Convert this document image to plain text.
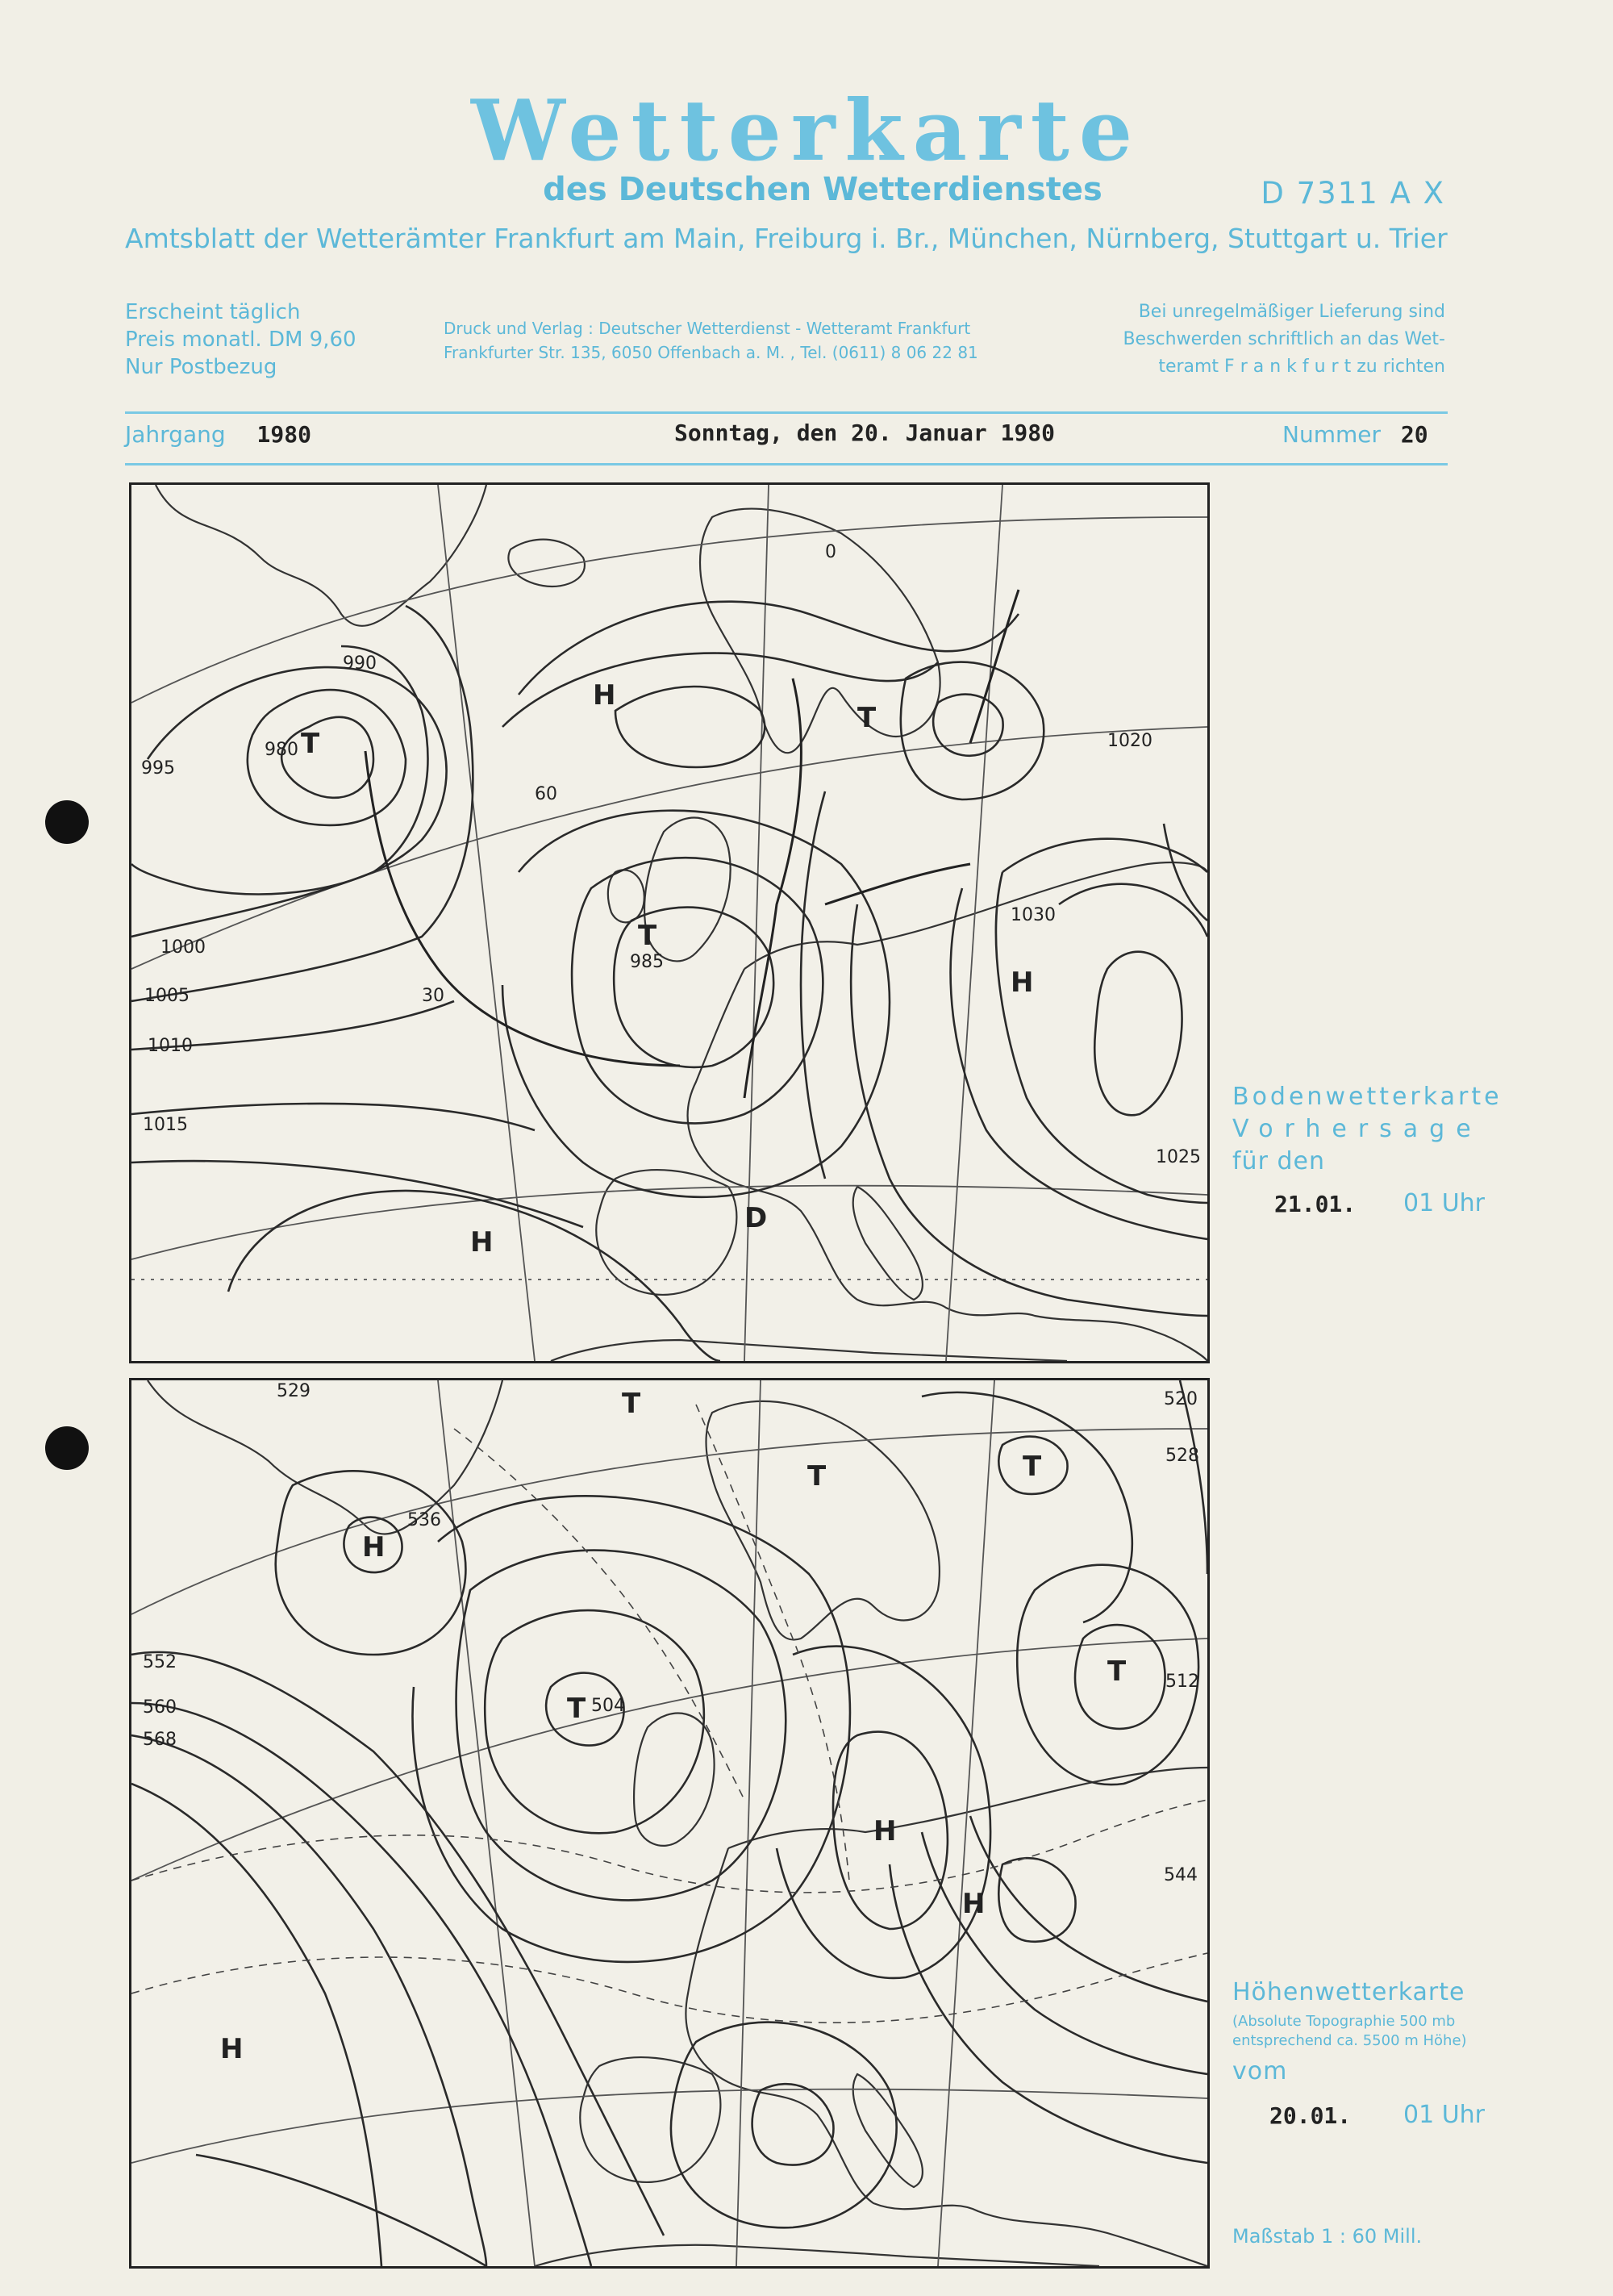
Wetterkarte
des Deutschen Wetterdienstes	D 7311 A X
Amtsblatt der Wetterämter Frankfurt am Main, Freiburg i. Br., München, Nürnberg, Stuttgart u. Trier
Erscheint täglich
Preis monatl. DM 9,60
Nur Postbezug
Druck und Verlag : Deutscher Wetterdienst - Wetteramt Frankfurt
Frankfurter Str. 135, 6050 Offenbach a. M. , Tel. (0611) 8 06 22 81
Bei unregelmäßiger Lieferung sind
Beschwerden schriftlich an das Wet-
teramt F r a n k f u r t zu richten
Jahrgang 1980	Sonntag, den 20. Januar 1980	Nummer 20
T
H
T
T
H
H
D
995
990
980
1000
1005
1010
1015
1020
1025
1030
985
60
30
0
Bodenwetterkarte
Vorhersage
für den
21.01. 01 Uhr
T
H
T
T
T
H
H
T
H
552
544
536
529	520
512
504
528
560
568
Höhenwetterkarte
(Absolute Topographie 500 mb
entsprechend ca. 5500 m Höhe)
vom
20.01. 01 Uhr
Maßstab 1 : 60 Mill.
